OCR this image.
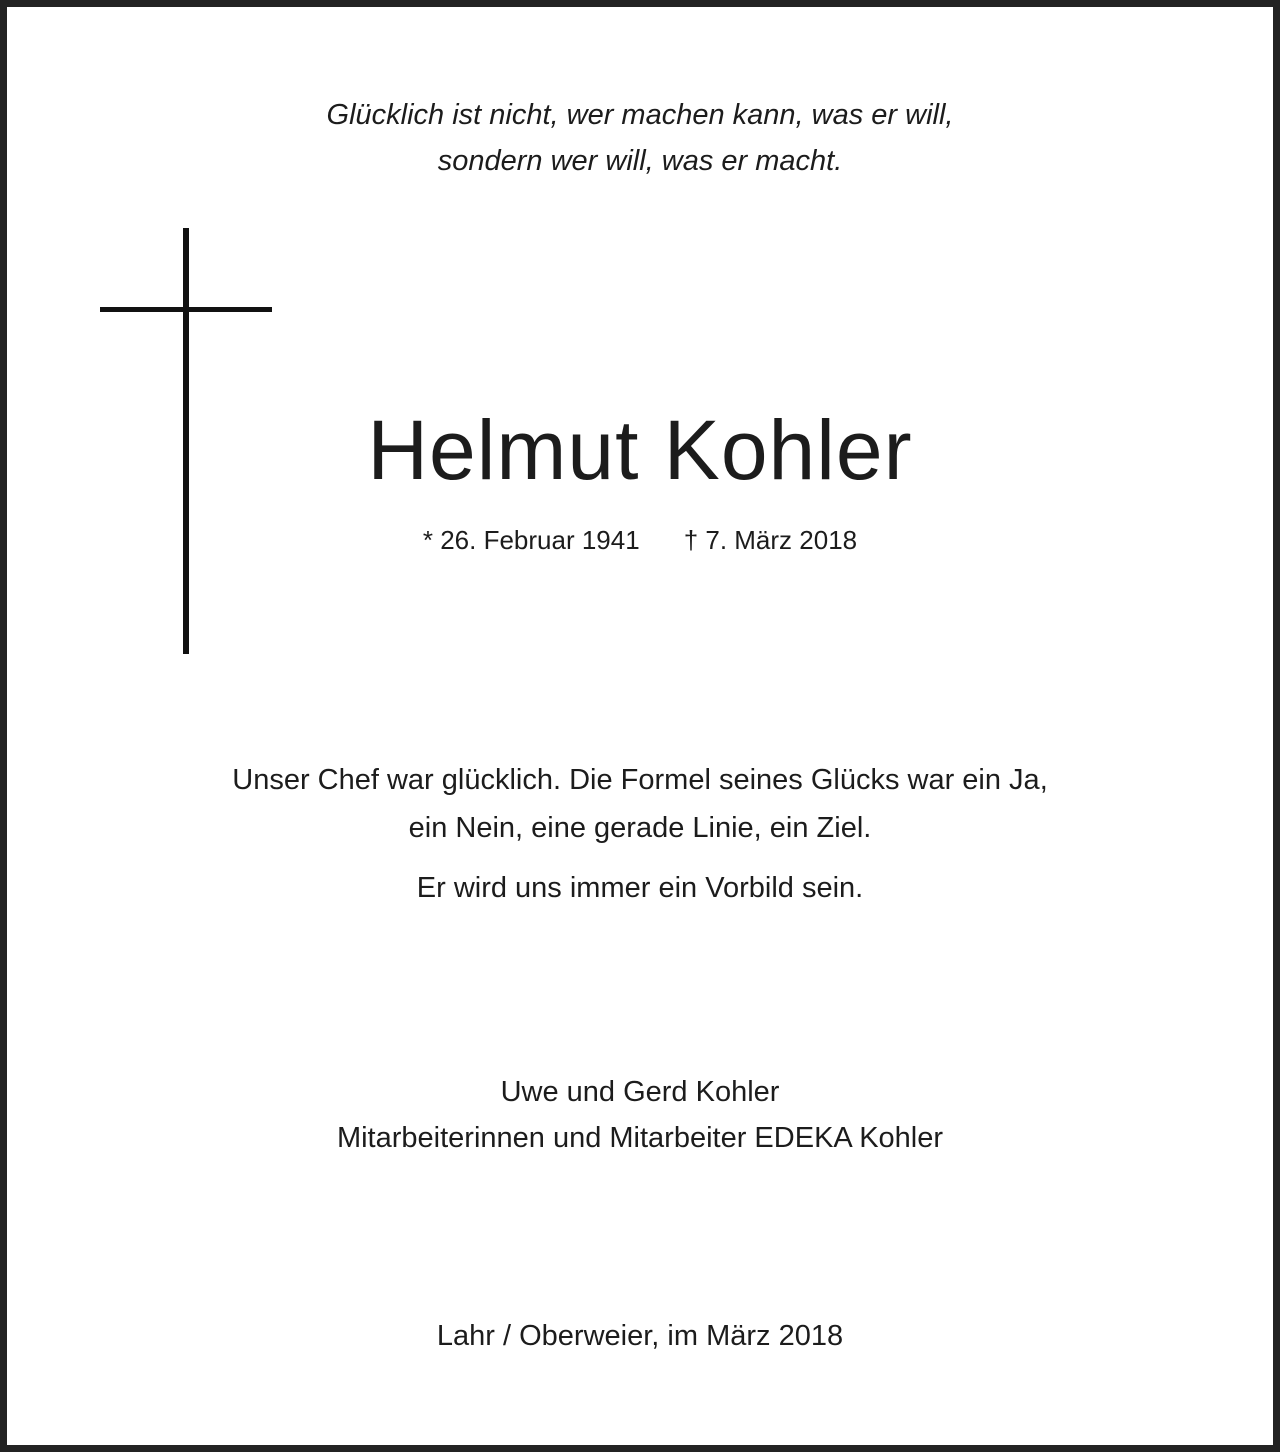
Glücklich ist nicht, wer machen kann, was er will,
sondern wer will, was er macht.
Helmut Kohler
* 26. Februar 1941 † 7. März 2018
Unser Chef war glücklich. Die Formel seines Glücks war ein Ja,
ein Nein, eine gerade Linie, ein Ziel.
Er wird uns immer ein Vorbild sein.
Uwe und Gerd Kohler
Mitarbeiterinnen und Mitarbeiter EDEKA Kohler
Lahr / Oberweier, im März 2018
